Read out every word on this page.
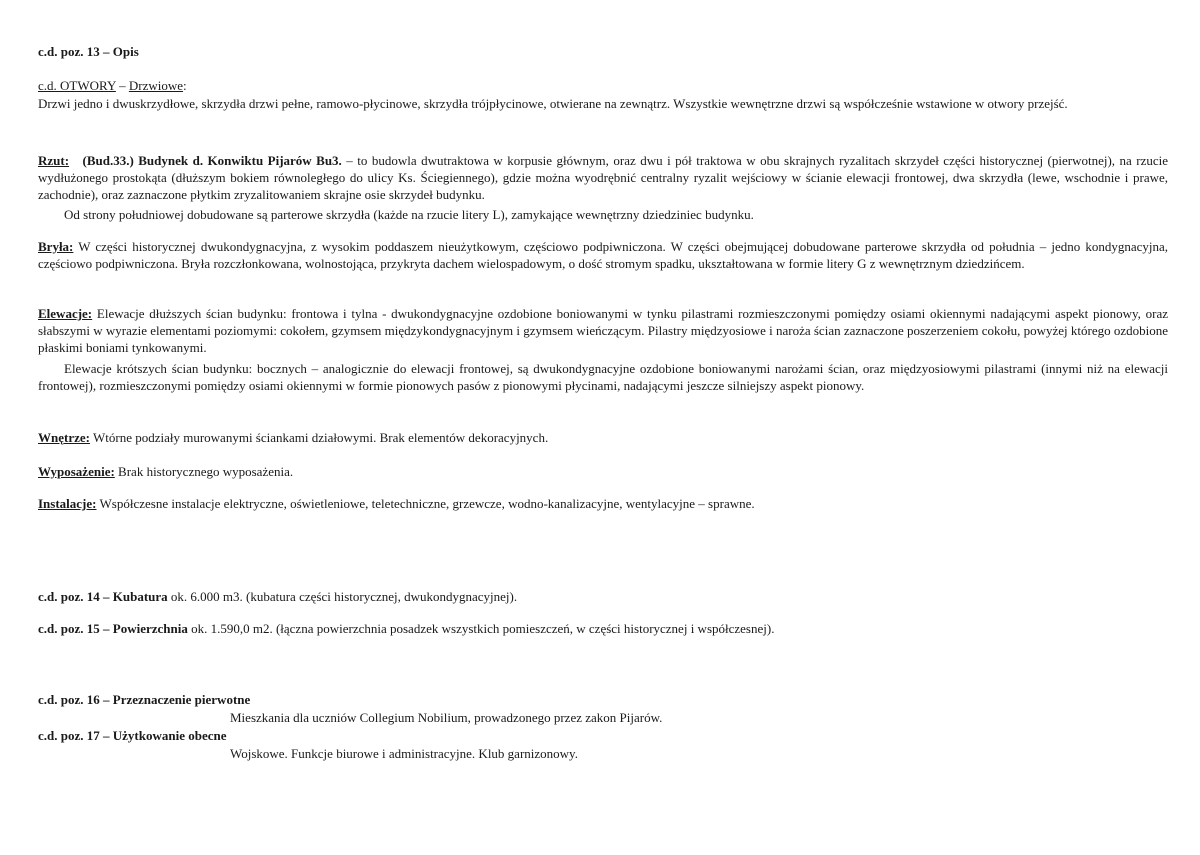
c.d. poz. 13 – Opis

c.d. OTWORY – Drzwiowe:

Drzwi jedno i dwuskrzydłowe, skrzydła drzwi pełne, ramowo-płycinowe, skrzydła trójpłycinowe, otwierane na zewnątrz. Wszystkie wewnętrzne drzwi są współcześnie wstawione w otwory przejść.

Rzut: (Bud.33.) Budynek d. Konwiktu Pijarów Bu3. – to budowla dwutraktowa w korpusie głównym, oraz dwu i pół traktowa w obu skrajnych ryzalitach skrzydeł części historycznej (pierwotnej), na rzucie wydłużonego prostokąta (dłuższym bokiem równoległego do ulicy Ks. Ściegiennego), gdzie można wyodrębnić centralny ryzalit wejściowy w ścianie elewacji frontowej, dwa skrzydła (lewe, wschodnie i prawe, zachodnie), oraz zaznaczone płytkim zryzalitowaniem skrajne osie skrzydeł budynku.

Od strony południowej dobudowane są parterowe skrzydła (każde na rzucie litery L), zamykające wewnętrzny dziedziniec budynku.

Bryła: W części historycznej dwukondygnacyjna, z wysokim poddaszem nieużytkowym, częściowo podpiwniczona. W części obejmującej dobudowane parterowe skrzydła od południa – jedno kondygnacyjna, częściowo podpiwniczona. Bryła rozczłonkowana, wolnostojąca, przykryta dachem wielospadowym, o dość stromym spadku, ukształtowana w formie litery G z wewnętrznym dziedzińcem.

Elewacje: Elewacje dłuższych ścian budynku: frontowa i tylna - dwukondygnacyjne ozdobione boniowanymi w tynku pilastrami rozmieszczonymi pomiędzy osiami okiennymi nadającymi aspekt pionowy, oraz słabszymi w wyrazie elementami poziomymi: cokołem, gzymsem międzykondygnacyjnym i gzymsem wieńczącym. Pilastry międzyosiowe i naroża ścian zaznaczone poszerzeniem cokołu, powyżej którego ozdobione płaskimi boniami tynkowanymi.

Elewacje krótszych ścian budynku: bocznych – analogicznie do elewacji frontowej, są dwukondygnacyjne ozdobione boniowanymi narożami ścian, oraz międzyosiowymi pilastrami (innymi niż na elewacji frontowej), rozmieszczonymi pomiędzy osiami okiennymi w formie pionowych pasów z pionowymi płycinami, nadającymi jeszcze silniejszy aspekt pionowy.

Wnętrze: Wtórne podziały murowanymi ściankami działowymi. Brak elementów dekoracyjnych.

Wyposażenie: Brak historycznego wyposażenia.

Instalacje: Współczesne instalacje elektryczne, oświetleniowe, teletechniczne, grzewcze, wodno-kanalizacyjne, wentylacyjne – sprawne.

c.d. poz. 14 – Kubatura ok. 6.000 m3. (kubatura części historycznej, dwukondygnacyjnej).

c.d. poz. 15 – Powierzchnia ok. 1.590,0 m2. (łączna powierzchnia posadzek wszystkich pomieszczeń, w części historycznej i współczesnej).

c.d. poz. 16 – Przeznaczenie pierwotne

Mieszkania dla uczniów Collegium Nobilium, prowadzonego przez zakon Pijarów.

c.d. poz. 17 – Użytkowanie obecne

Wojskowe. Funkcje biurowe i administracyjne. Klub garnizonowy.
